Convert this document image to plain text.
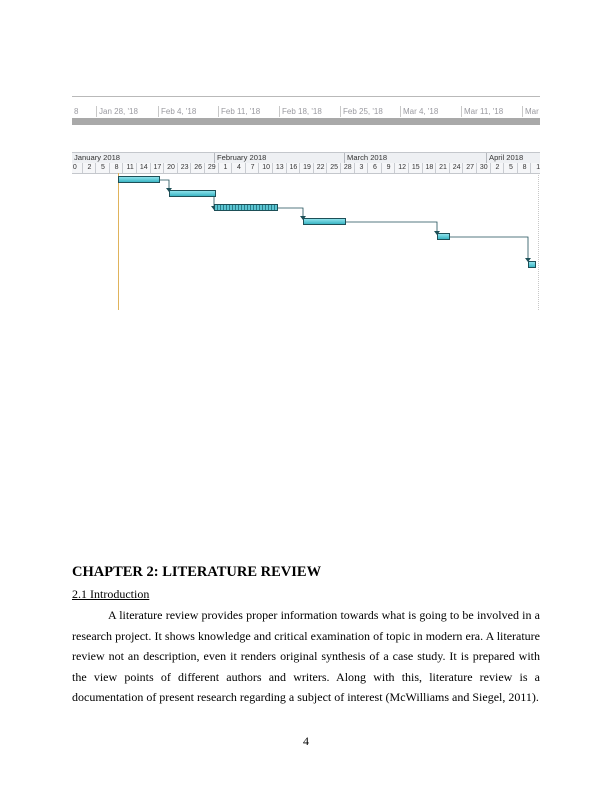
8	Jan 28, '18	Feb 4, '18	Feb 11, '18	Feb 18, '18	Feb 25, '18	Mar 4, '18	Mar 11, '18	Mar
January 2018	February 2018	March 2018	April 2018
0	2	5	8	11 14 17 20 23 26 29	1	4	7	10 13 16 19 22 25 28	3	6	9	12 15 18 21 24 27 30	2	5	8	1
CHAPTER 2: LITERATURE REVIEW

2.1 Introduction

A literature review provides proper information towards what is going to be involved in a research project. It shows knowledge and critical examination of topic in modern era. A literature review not an description, even it renders original synthesis of a case study. It is prepared with the view points of different authors and writers. Along with this, literature review is a documentation of present research regarding a subject of interest (McWilliams and Siegel, 2011).

4
